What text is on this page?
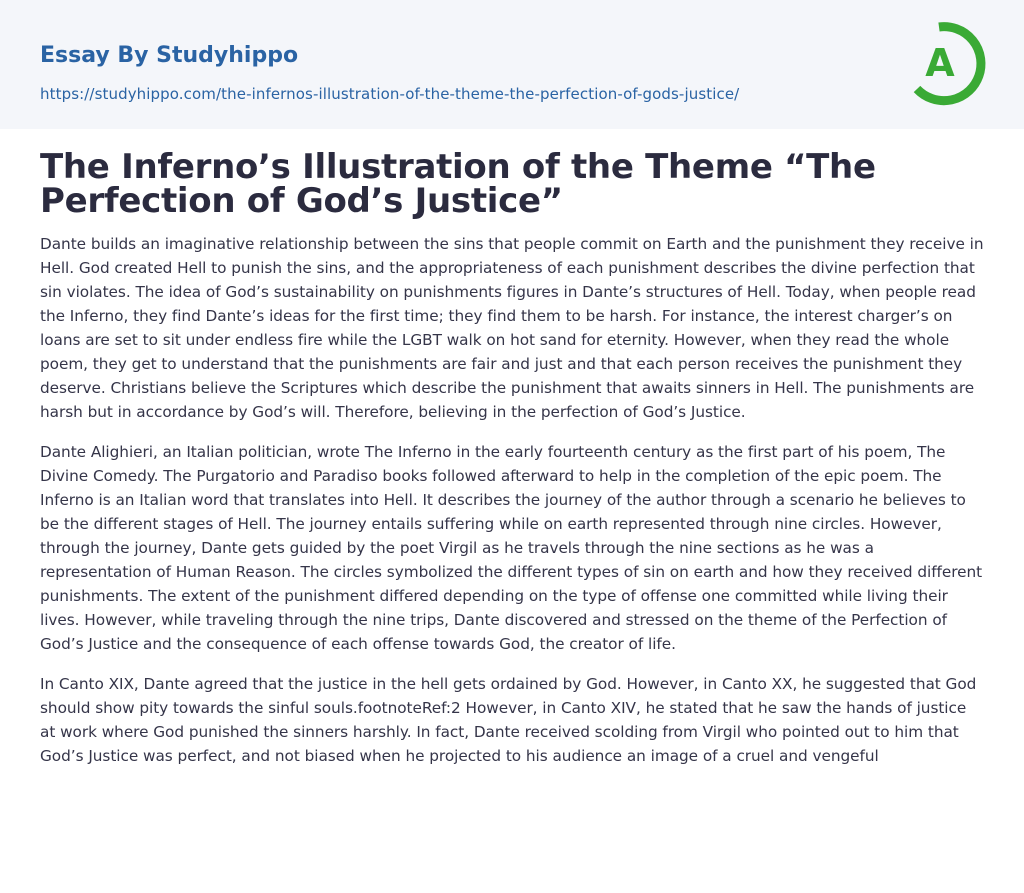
Essay By Studyhippo
https://studyhippo.com/the-infernos-illustration-of-the-theme-the-perfection-of-gods-justice/
A
The Inferno’s Illustration of the Theme “The Perfection of God’s Justice”

Dante builds an imaginative relationship between the sins that people commit on Earth and the punishment they receive in Hell. God created Hell to punish the sins, and the appropriateness of each punishment describes the divine perfection that sin violates. The idea of God’s sustainability on punishments figures in Dante’s structures of Hell. Today, when people read the Inferno, they find Dante’s ideas for the first time; they find them to be harsh. For instance, the interest charger’s on loans are set to sit under endless fire while the LGBT walk on hot sand for eternity. However, when they read the whole poem, they get to understand that the punishments are fair and just and that each person receives the punishment they deserve. Christians believe the Scriptures which describe the punishment that awaits sinners in Hell. The punishments are harsh but in accordance by God’s will. Therefore, believing in the perfection of God’s Justice.

Dante Alighieri, an Italian politician, wrote The Inferno in the early fourteenth century as the first part of his poem, The Divine Comedy. The Purgatorio and Paradiso books followed afterward to help in the completion of the epic poem. The Inferno is an Italian word that translates into Hell. It describes the journey of the author through a scenario he believes to be the different stages of Hell. The journey entails suffering while on earth represented through nine circles. However, through the journey, Dante gets guided by the poet Virgil as he travels through the nine sections as he was a representation of Human Reason. The circles symbolized the different types of sin on earth and how they received different punishments. The extent of the punishment differed depending on the type of offense one committed while living their lives. However, while traveling through the nine trips, Dante discovered and stressed on the theme of the Perfection of God’s Justice and the consequence of each offense towards God, the creator of life.

In Canto XIX, Dante agreed that the justice in the hell gets ordained by God. However, in Canto XX, he suggested that God should show pity towards the sinful souls.footnoteRef:2 However, in Canto XIV, he stated that he saw the hands of justice at work where God punished the sinners harshly. In fact, Dante received scolding from Virgil who pointed out to him that God’s Justice was perfect, and not biased when he projected to his audience an image of a cruel and vengeful
